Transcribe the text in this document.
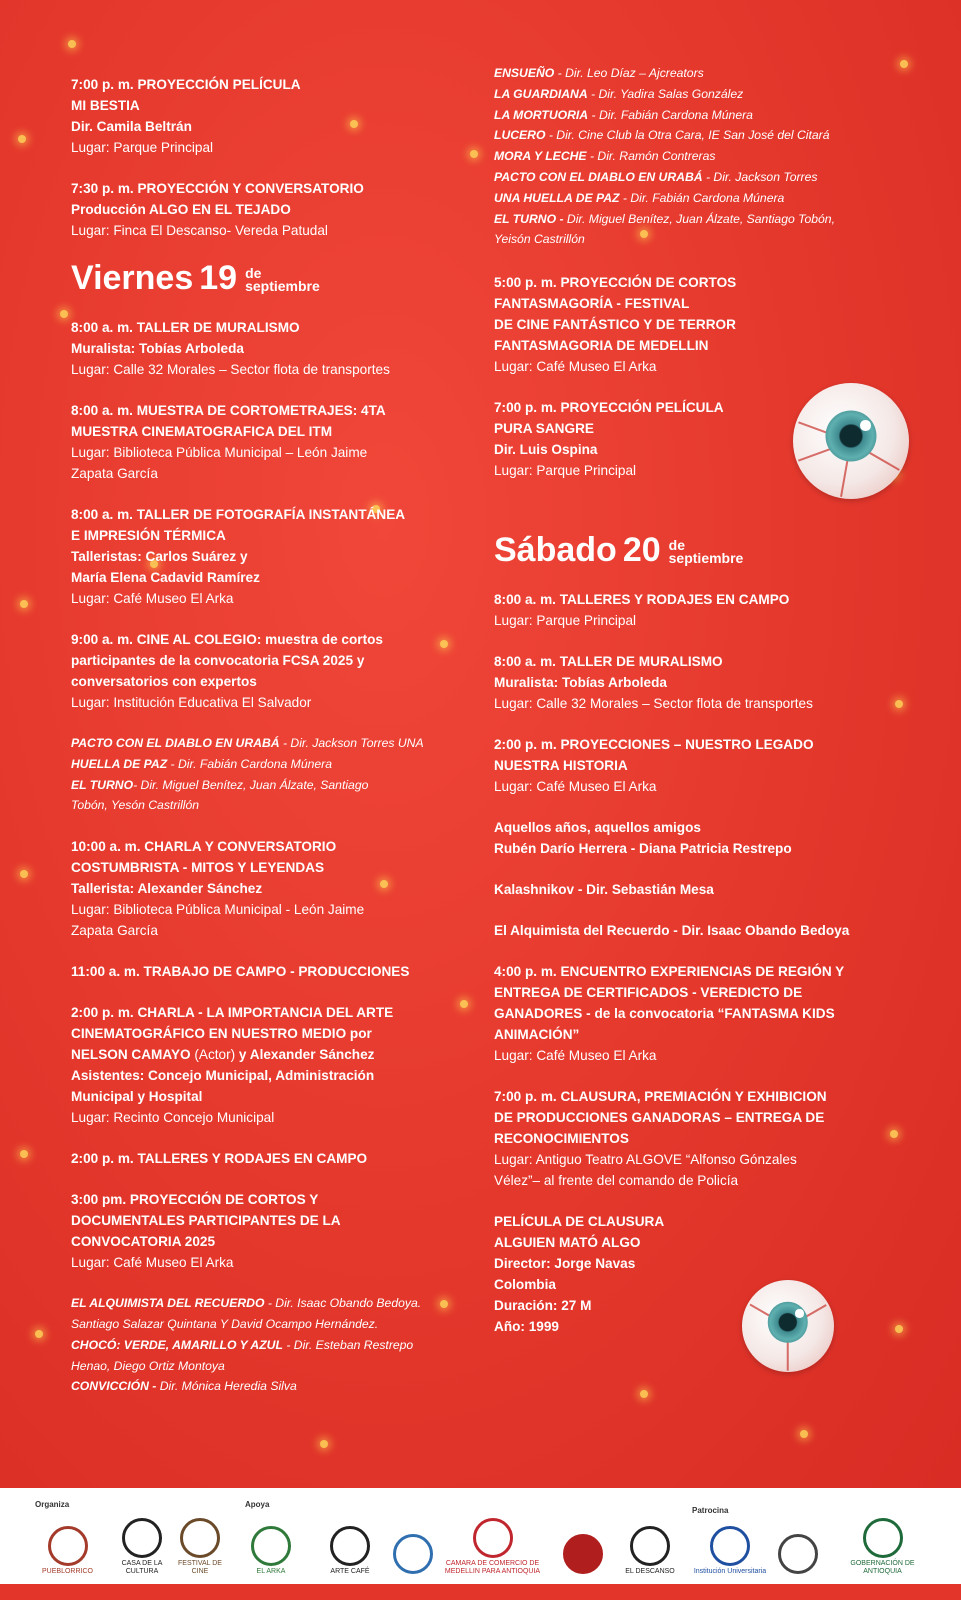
7:00 p. m. PROYECCIÓN PELÍCULA
MI BESTIA
Dir. Camila Beltrán
Lugar: Parque Principal
7:30 p. m. PROYECCIÓN Y CONVERSATORIO
Producción ALGO EN EL TEJADO
Lugar: Finca El Descanso- Vereda Patudal
Viernes 19 de
septiembre
8:00 a. m. TALLER DE MURALISMO
Muralista: Tobías Arboleda
Lugar: Calle 32 Morales – Sector flota de transportes
8:00 a. m. MUESTRA DE CORTOMETRAJES: 4TA
MUESTRA CINEMATOGRAFICA DEL ITM
Lugar: Biblioteca Pública Municipal – León Jaime
Zapata García
8:00 a. m. TALLER DE FOTOGRAFÍA INSTANTÁNEA
E IMPRESIÓN TÉRMICA
Talleristas: Carlos Suárez y
María Elena Cadavid Ramírez
Lugar: Café Museo El Arka
9:00 a. m. CINE AL COLEGIO: muestra de cortos
participantes de la convocatoria FCSA 2025 y
conversatorios con expertos
Lugar: Institución Educativa El Salvador
PACTO CON EL DIABLO EN URABÁ - Dir. Jackson Torres UNA
HUELLA DE PAZ - Dir. Fabián Cardona Múnera
EL TURNO- Dir. Miguel Benítez, Juan Álzate, Santiago
Tobón, Yesón Castrillón
10:00 a. m. CHARLA Y CONVERSATORIO
COSTUMBRISTA - MITOS Y LEYENDAS
Tallerista: Alexander Sánchez
Lugar: Biblioteca Pública Municipal - León Jaime
Zapata García
11:00 a. m. TRABAJO DE CAMPO - PRODUCCIONES
2:00 p. m. CHARLA - LA IMPORTANCIA DEL ARTE
CINEMATOGRÁFICO EN NUESTRO MEDIO por
NELSON CAMAYO (Actor) y Alexander Sánchez
Asistentes: Concejo Municipal, Administración
Municipal y Hospital
Lugar: Recinto Concejo Municipal
2:00 p. m. TALLERES Y RODAJES EN CAMPO
3:00 pm. PROYECCIÓN DE CORTOS Y
DOCUMENTALES PARTICIPANTES DE LA
CONVOCATORIA 2025
Lugar: Café Museo El Arka
EL ALQUIMISTA DEL RECUERDO - Dir. Isaac Obando Bedoya.
Santiago Salazar Quintana Y David Ocampo Hernández.
CHOCÓ: VERDE, AMARILLO Y AZUL - Dir. Esteban Restrepo
Henao, Diego Ortiz Montoya
CONVICCIÓN - Dir. Mónica Heredia Silva
ENSUEÑO - Dir. Leo Díaz – Ajcreators
LA GUARDIANA - Dir. Yadira Salas González
LA MORTUORIA - Dir. Fabián Cardona Múnera
LUCERO - Dir. Cine Club la Otra Cara, IE San José del Citará
MORA Y LECHE - Dir. Ramón Contreras
PACTO CON EL DIABLO EN URABÁ - Dir. Jackson Torres
UNA HUELLA DE PAZ - Dir. Fabián Cardona Múnera
EL TURNO - Dir. Miguel Benítez, Juan Álzate, Santiago Tobón,
Yeisón Castrillón
5:00 p. m. PROYECCIÓN DE CORTOS
FANTASMAGORÍA - FESTIVAL
DE CINE FANTÁSTICO Y DE TERROR
FANTASMAGORIA DE MEDELLIN
Lugar: Café Museo El Arka
7:00 p. m. PROYECCIÓN PELÍCULA
PURA SANGRE
Dir. Luis Ospina
Lugar: Parque Principal
Sábado 20 de
septiembre
8:00 a. m. TALLERES Y RODAJES EN CAMPO
Lugar: Parque Principal
8:00 a. m. TALLER DE MURALISMO
Muralista: Tobías Arboleda
Lugar: Calle 32 Morales – Sector flota de transportes
2:00 p. m. PROYECCIONES – NUESTRO LEGADO
NUESTRA HISTORIA
Lugar: Café Museo El Arka
Aquellos años, aquellos amigos
Rubén Darío Herrera - Diana Patricia Restrepo
Kalashnikov - Dir. Sebastián Mesa
El Alquimista del Recuerdo - Dir. Isaac Obando Bedoya
4:00 p. m. ENCUENTRO EXPERIENCIAS DE REGIÓN Y
ENTREGA DE CERTIFICADOS - VEREDICTO DE
GANADORES - de la convocatoria “FANTASMA KIDS
ANIMACIÓN”
Lugar: Café Museo El Arka
7:00 p. m. CLAUSURA, PREMIACIÓN Y EXHIBICION
DE PRODUCCIONES GANADORAS – ENTREGA DE
RECONOCIMIENTOS
Lugar: Antiguo Teatro ALGOVE “Alfonso Gónzales
Vélez”– al frente del comando de Policía
PELÍCULA DE CLAUSURA
ALGUIEN MATÓ ALGO
Director: Jorge Navas
Colombia
Duración: 27 M
Año: 1999
Organiza	Apoya
Patrocina
PUEBLORRICO
CASA DE LA CULTURA
FESTIVAL DE CINE	EL ARKA	ARTE CAFÉ
CAMARA DE COMERCIO DE MEDELLIN PARA ANTIOQUIA	EL DESCANSO	Institución Universitaria
GOBERNACIÓN DE ANTIOQUIA
